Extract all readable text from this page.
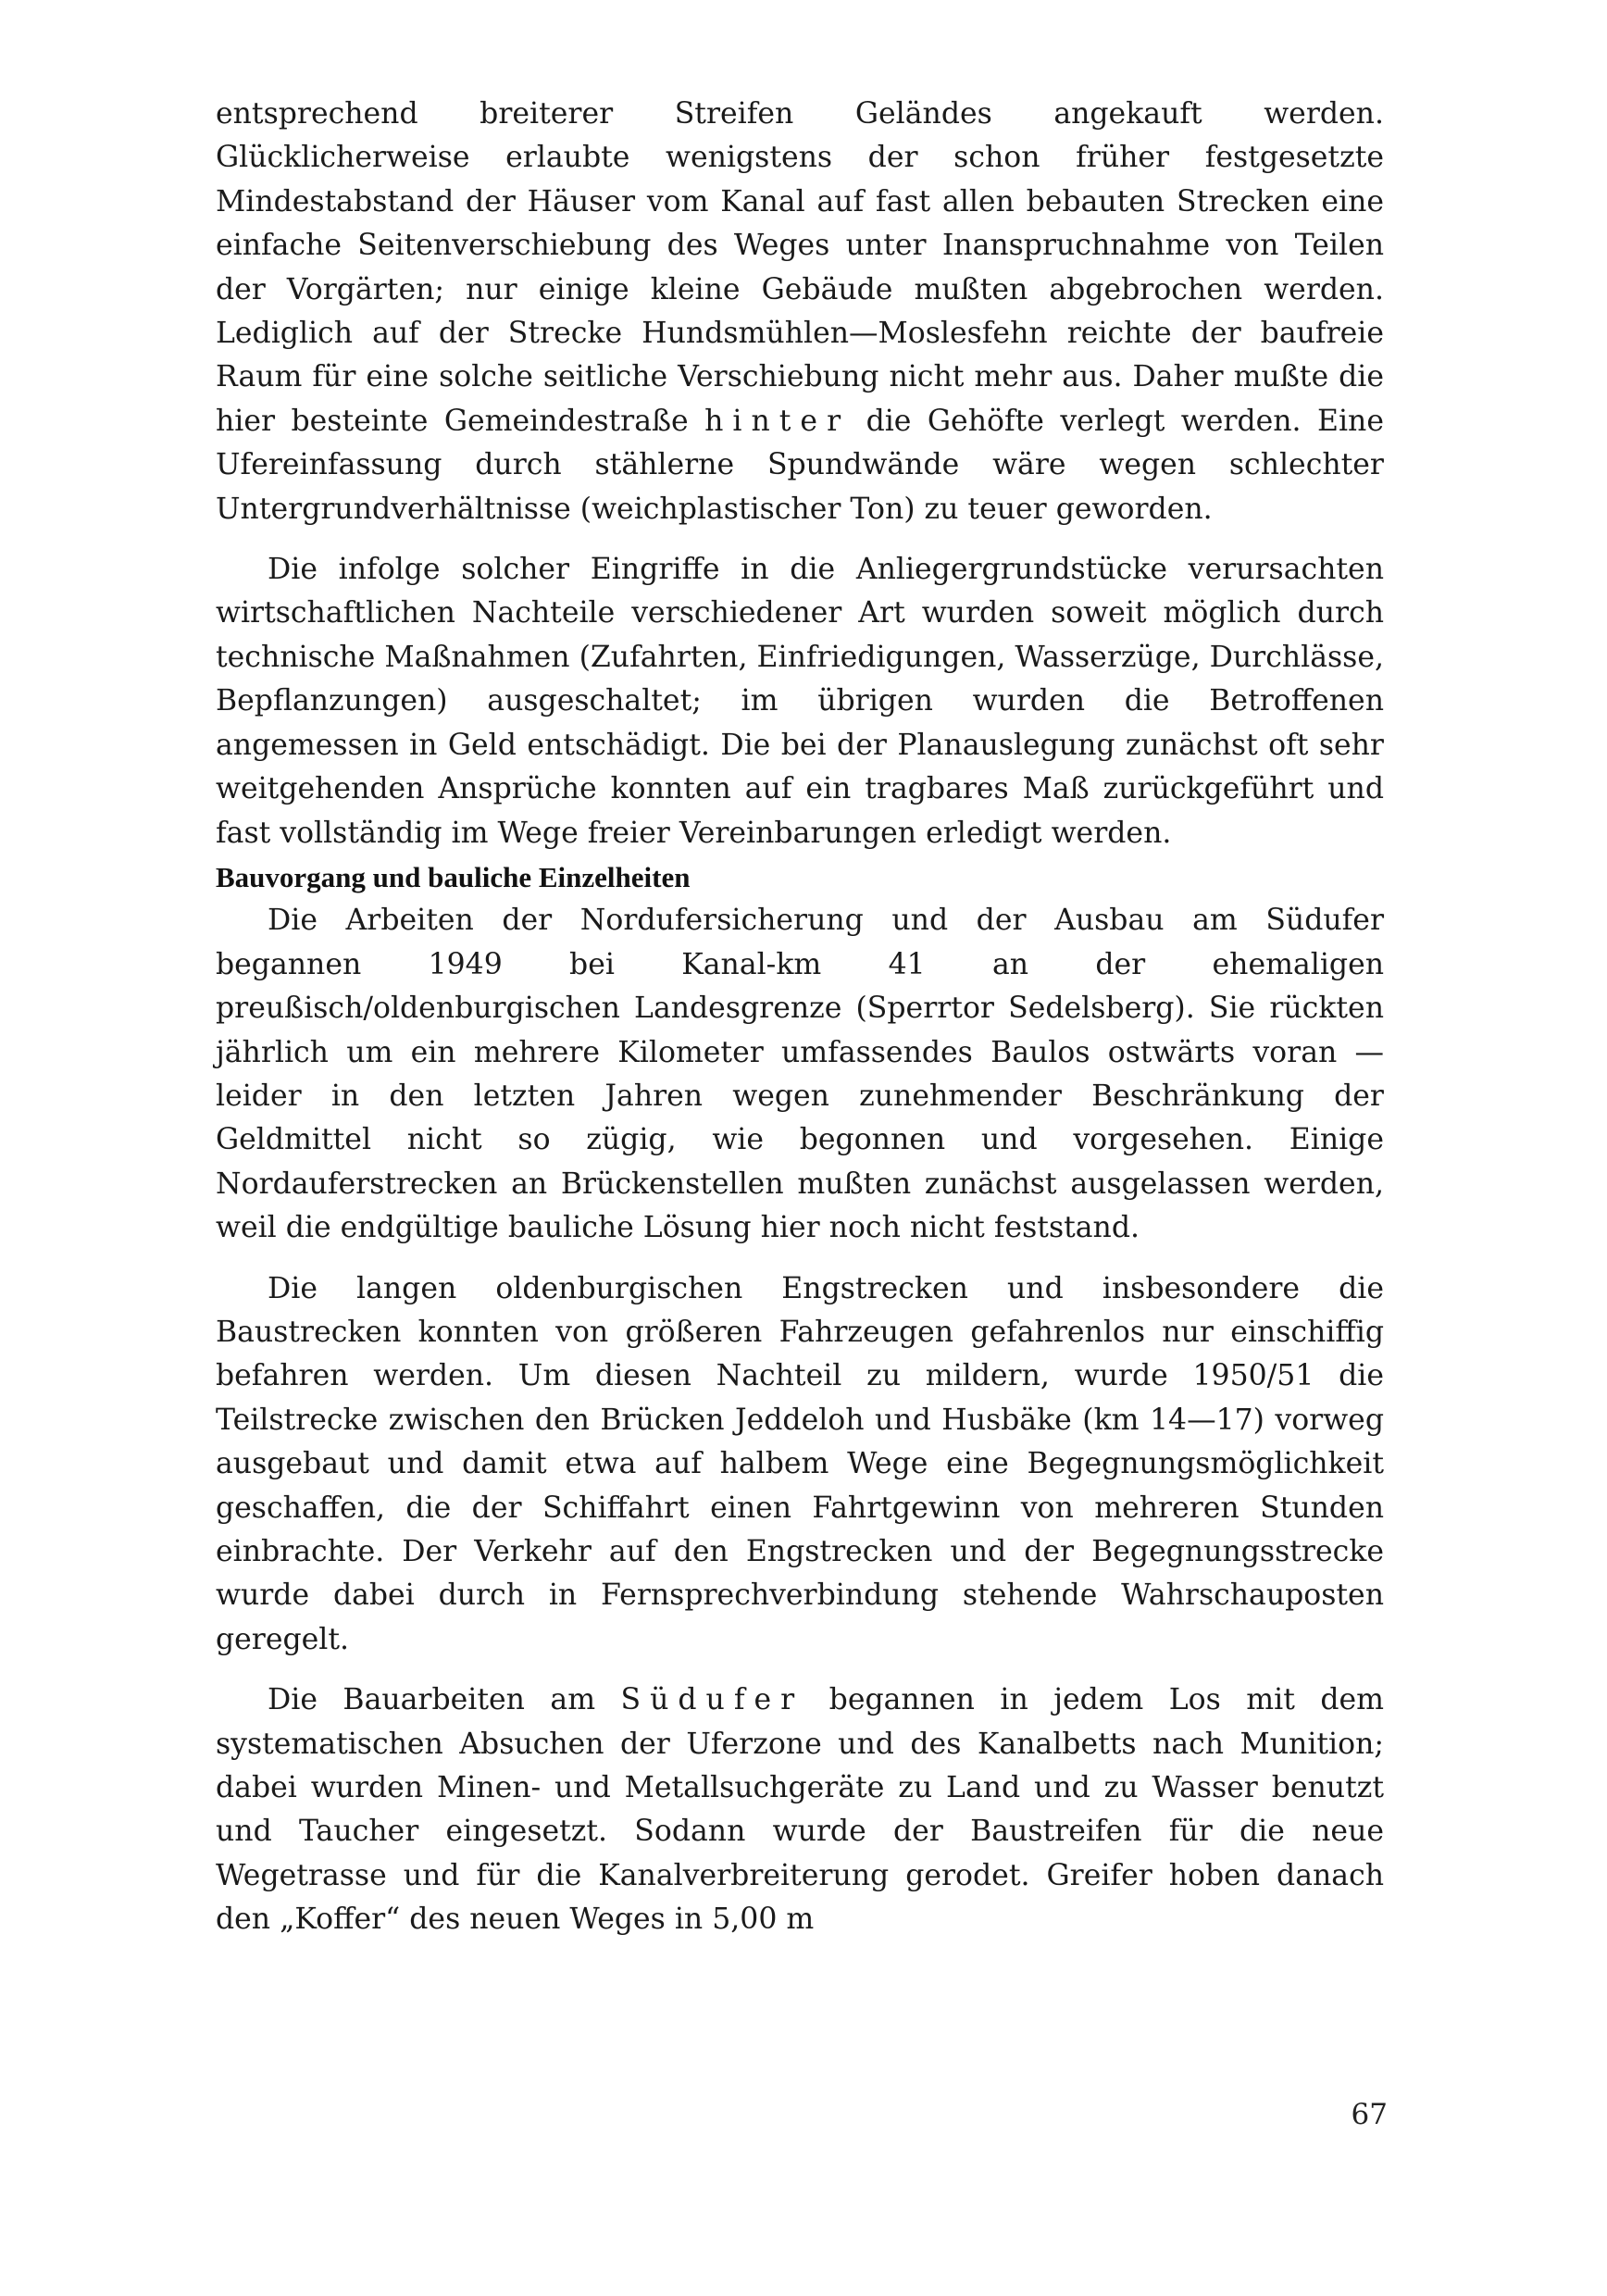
entsprechend breiterer Streifen Geländes angekauft werden. Glücklicherweise erlaubte wenigstens der schon früher festgesetzte Mindestabstand der Häuser vom Kanal auf fast allen bebauten Strecken eine einfache Seitenverschiebung des Weges unter Inanspruchnahme von Teilen der Vorgärten; nur einige kleine Gebäude mußten abgebrochen werden. Lediglich auf der Strecke Hundsmühlen—Moslesfehn reichte der baufreie Raum für eine solche seitliche Verschiebung nicht mehr aus. Daher mußte die hier besteinte Gemeindestraße hinter die Gehöfte verlegt werden. Eine Ufereinfassung durch stählerne Spundwände wäre wegen schlechter Untergrundverhältnisse (weichplastischer Ton) zu teuer geworden.

Die infolge solcher Eingriffe in die Anliegergrundstücke verursachten wirtschaftlichen Nachteile verschiedener Art wurden soweit möglich durch technische Maßnahmen (Zufahrten, Einfriedigungen, Wasserzüge, Durchlässe, Bepflanzungen) ausgeschaltet; im übrigen wurden die Betroffenen angemessen in Geld entschädigt. Die bei der Planauslegung zunächst oft sehr weitgehenden Ansprüche konnten auf ein tragbares Maß zurückgeführt und fast vollständig im Wege freier Vereinbarungen erledigt werden.

Bauvorgang und bauliche Einzelheiten

Die Arbeiten der Nordufersicherung und der Ausbau am Südufer begannen 1949 bei Kanal-km 41 an der ehemaligen preußisch/oldenburgischen Landesgrenze (Sperrtor Sedelsberg). Sie rückten jährlich um ein mehrere Kilometer umfassendes Baulos ostwärts voran — leider in den letzten Jahren wegen zunehmender Beschränkung der Geldmittel nicht so zügig, wie begonnen und vorgesehen. Einige Nordauferstrecken an Brückenstellen mußten zunächst ausgelassen werden, weil die endgültige bauliche Lösung hier noch nicht feststand.

Die langen oldenburgischen Engstrecken und insbesondere die Baustrecken konnten von größeren Fahrzeugen gefahrenlos nur einschiffig befahren werden. Um diesen Nachteil zu mildern, wurde 1950/51 die Teilstrecke zwischen den Brücken Jeddeloh und Husbäke (km 14—17) vorweg ausgebaut und damit etwa auf halbem Wege eine Begegnungsmöglichkeit geschaffen, die der Schiffahrt einen Fahrtgewinn von mehreren Stunden einbrachte. Der Verkehr auf den Engstrecken und der Begegnungsstrecke wurde dabei durch in Fernsprechverbindung stehende Wahrschauposten geregelt.

Die Bauarbeiten am Südufer begannen in jedem Los mit dem systematischen Absuchen der Uferzone und des Kanalbetts nach Munition; dabei wurden Minen- und Metallsuchgeräte zu Land und zu Wasser benutzt und Taucher eingesetzt. Sodann wurde der Baustreifen für die neue Wegetrasse und für die Kanalverbreiterung gerodet. Greifer hoben danach den „Koffer“ des neuen Weges in 5,00 m

67
